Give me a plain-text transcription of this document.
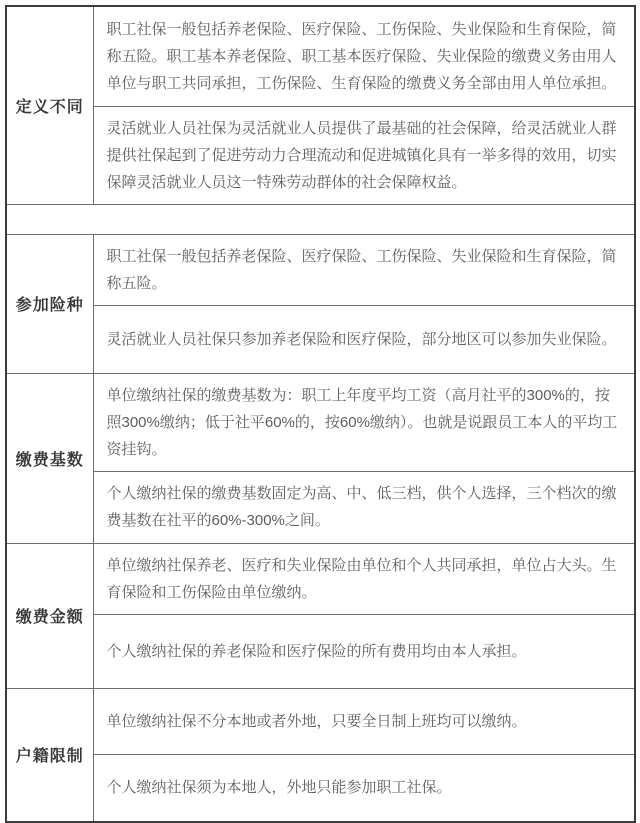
定义不同	职工社保一般包括养老保险、医疗保险、工伤保险、失业保险和生育保险，简称五险。职工基本养老保险、职工基本医疗保险、失业保险的缴费义务由用人单位与职工共同承担，工伤保险、生育保险的缴费义务全部由用人单位承担。
	灵活就业人员社保为灵活就业人员提供了最基础的社会保障，给灵活就业人群提供社保起到了促进劳动力合理流动和促进城镇化具有一举多得的效用，切实保障灵活就业人员这一特殊劳动群体的社会保障权益。

参加险种	职工社保一般包括养老保险、医疗保险、工伤保险、失业保险和生育保险，简称五险。
	灵活就业人员社保只参加养老保险和医疗保险，部分地区可以参加失业保险。
缴费基数	单位缴纳社保的缴费基数为：职工上年度平均工资（高月社平的300%的，按照300%缴纳；低于社平60%的，按60%缴纳）。也就是说跟员工本人的平均工资挂钩。
	个人缴纳社保的缴费基数固定为高、中、低三档，供个人选择，三个档次的缴费基数在社平的60%-300%之间。
缴费金额	单位缴纳社保养老、医疗和失业保险由单位和个人共同承担，单位占大头。生育保险和工伤保险由单位缴纳。
	个人缴纳社保的养老保险和医疗保险的所有费用均由本人承担。
户籍限制	单位缴纳社保不分本地或者外地，只要全日制上班均可以缴纳。
	个人缴纳社保须为本地人，外地只能参加职工社保。
